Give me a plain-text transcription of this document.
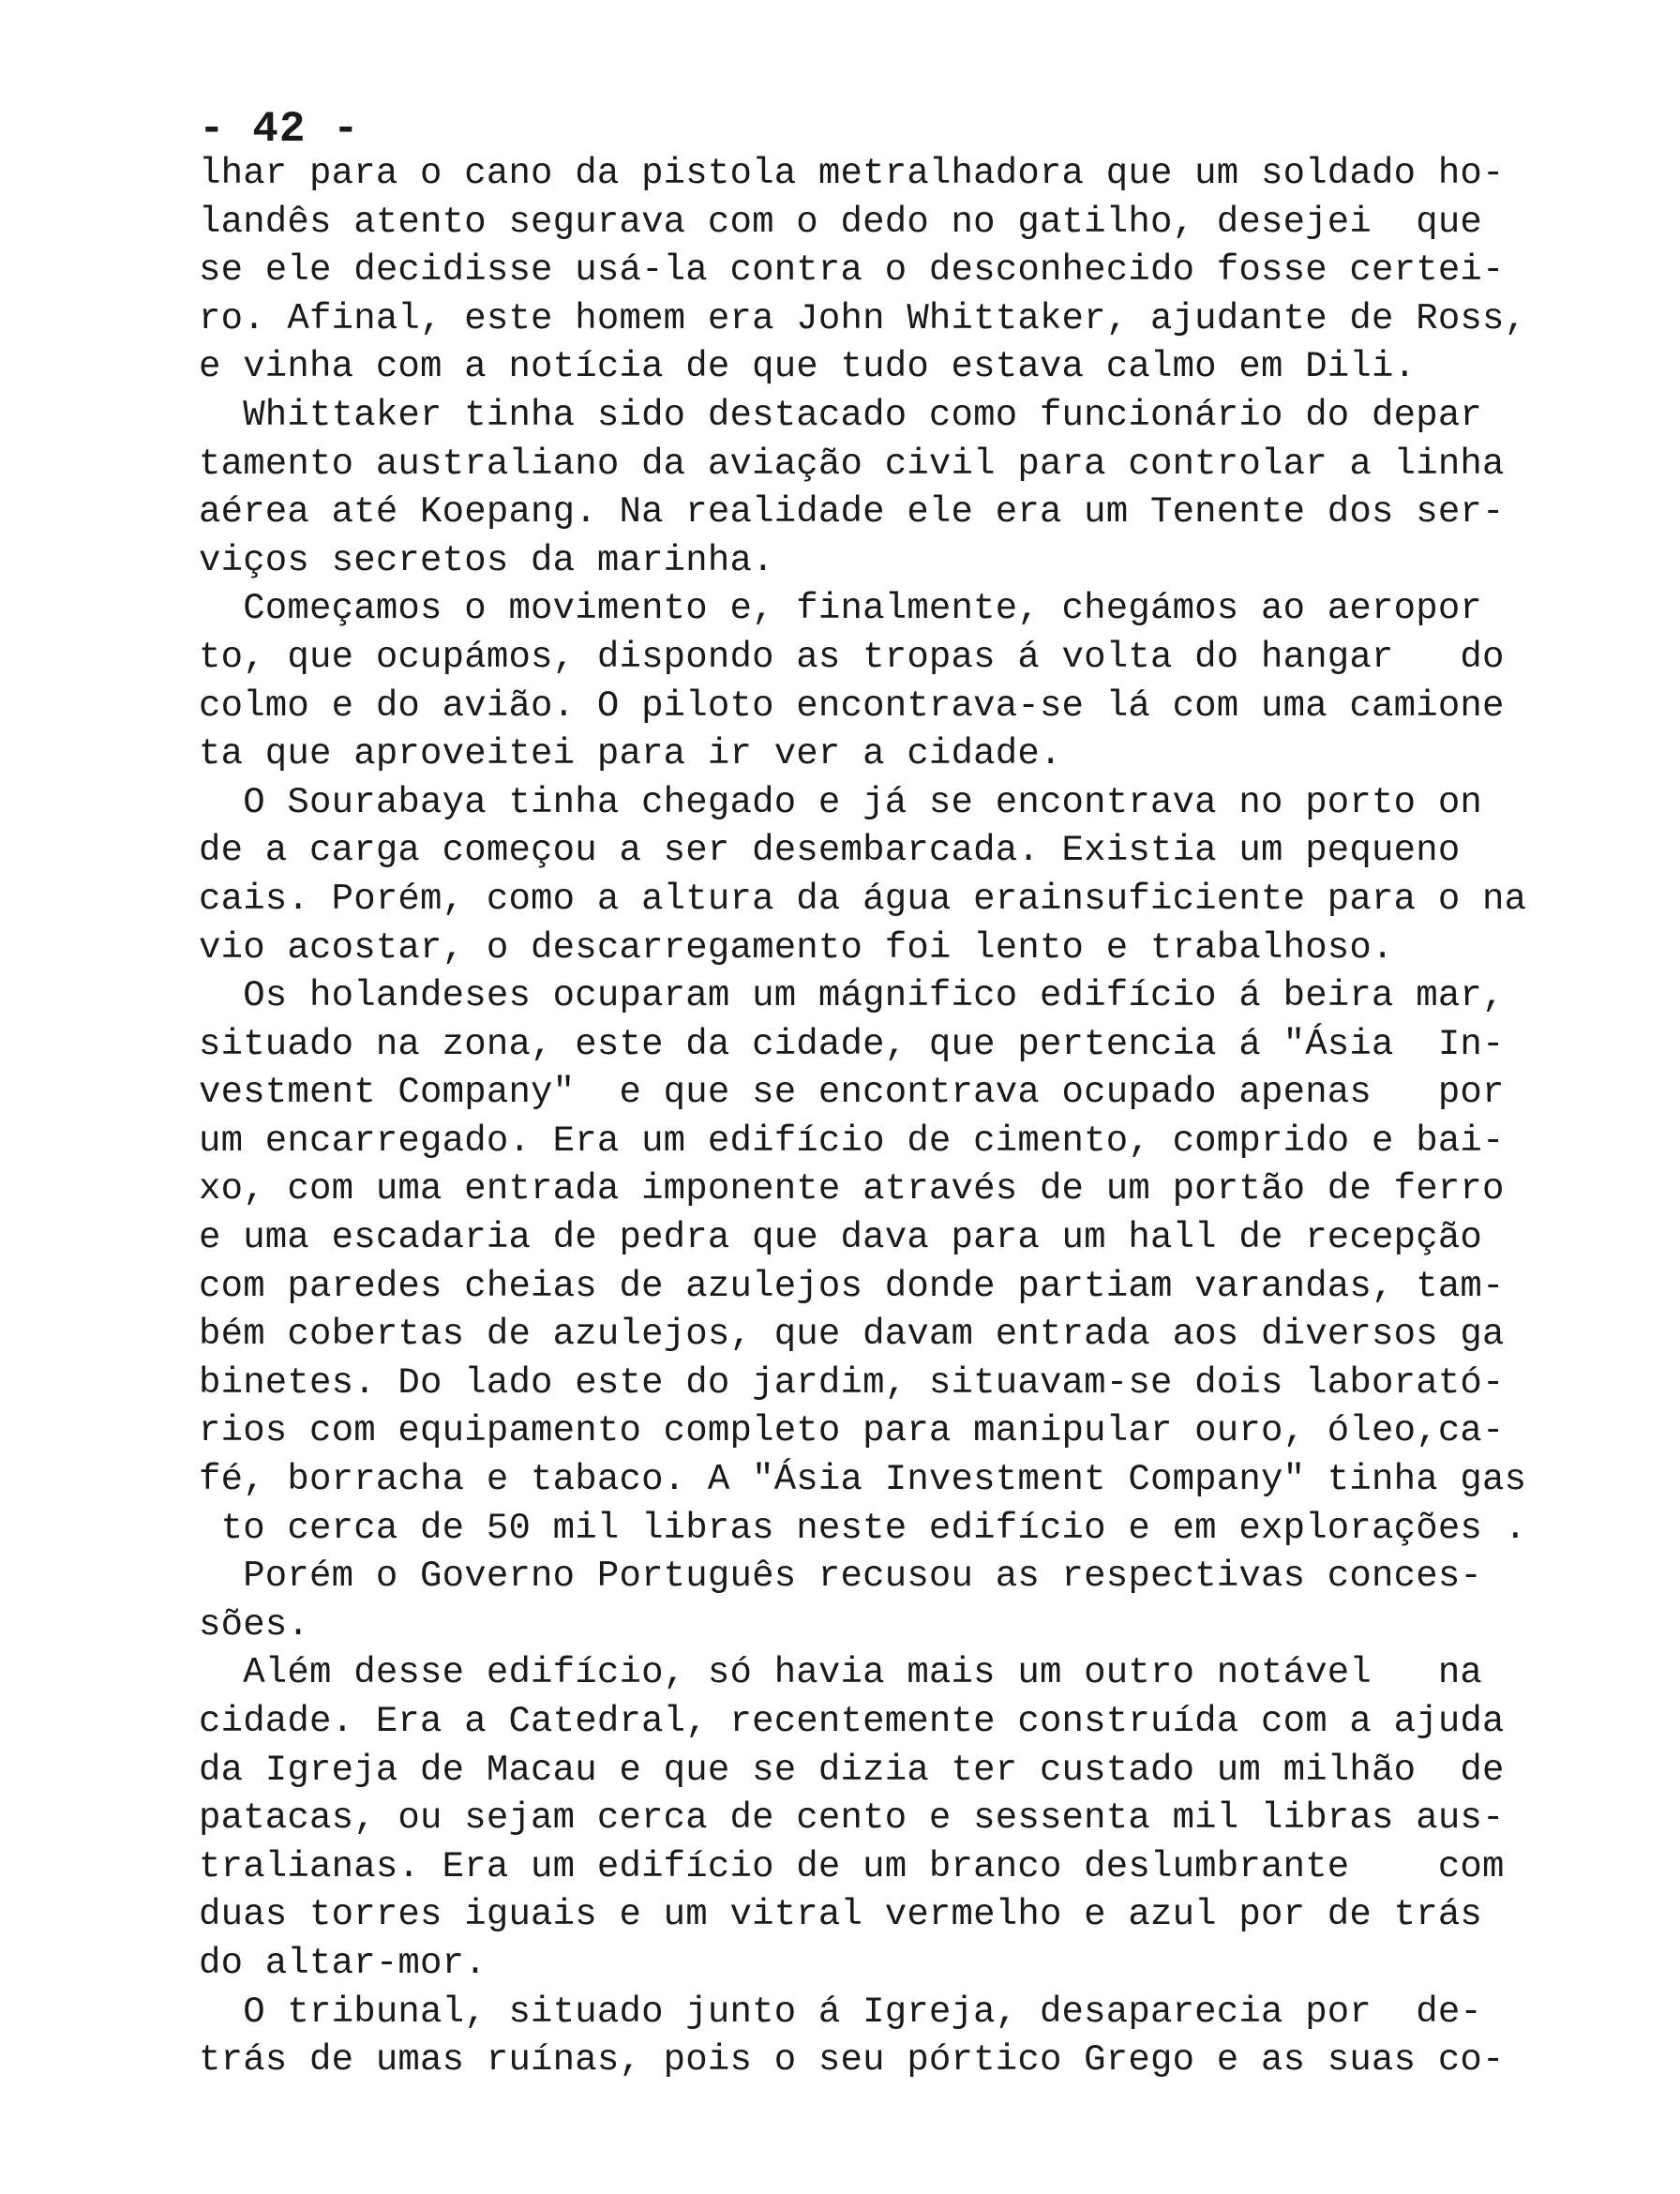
- 42 -
lhar para o cano da pistola metralhadora que um soldado ho-
landês atento segurava com o dedo no gatilho, desejei  que
se ele decidisse usá-la contra o desconhecido fosse certei-
ro. Afinal, este homem era John Whittaker, ajudante de Ross,
e vinha com a notícia de que tudo estava calmo em Dili.
Whittaker tinha sido destacado como funcionário do depar
tamento australiano da aviação civil para controlar a linha
aérea até Koepang. Na realidade ele era um Tenente dos ser-
viços secretos da marinha.
Começamos o movimento e, finalmente, chegámos ao aeropor
to, que ocupámos, dispondo as tropas á volta do hangar   do
colmo e do avião. O piloto encontrava-se lá com uma camione
ta que aproveitei para ir ver a cidade.
O Sourabaya tinha chegado e já se encontrava no porto on
de a carga começou a ser desembarcada. Existia um pequeno
cais. Porém, como a altura da água erainsuficiente para o na
vio acostar, o descarregamento foi lento e trabalhoso.
Os holandeses ocuparam um mágnifico edifício á beira mar,
situado na zona, este da cidade, que pertencia á "Ásia  In-
vestment Company"  e que se encontrava ocupado apenas   por
um encarregado. Era um edifício de cimento, comprido e bai-
xo, com uma entrada imponente através de um portão de ferro
e uma escadaria de pedra que dava para um hall de recepção
com paredes cheias de azulejos donde partiam varandas, tam-
bém cobertas de azulejos, que davam entrada aos diversos ga
binetes. Do lado este do jardim, situavam-se dois laborató-
rios com equipamento completo para manipular ouro, óleo,ca-
fé, borracha e tabaco. A "Ásia Investment Company" tinha gas
to cerca de 50 mil libras neste edifício e em explorações .
Porém o Governo Português recusou as respectivas conces-
sões.
Além desse edifício, só havia mais um outro notável   na
cidade. Era a Catedral, recentemente construída com a ajuda
da Igreja de Macau e que se dizia ter custado um milhão  de
patacas, ou sejam cerca de cento e sessenta mil libras aus-
tralianas. Era um edifício de um branco deslumbrante    com
duas torres iguais e um vitral vermelho e azul por de trás
do altar-mor.
O tribunal, situado junto á Igreja, desaparecia por  de-
trás de umas ruínas, pois o seu pórtico Grego e as suas co-
